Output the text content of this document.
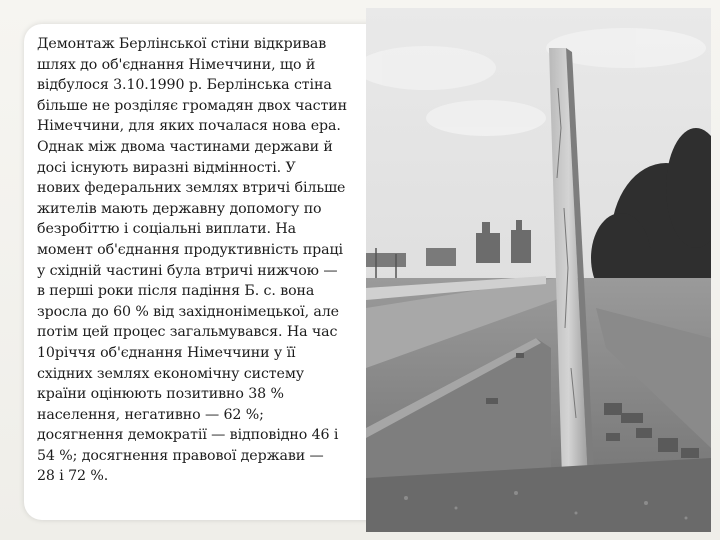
Демонтаж Берлінської стіни відкривав
шлях до об'єднання Німеччини, що й
відбулося 3.10.1990 р. Берлінська стіна
більше не розділяє громадян двох частин
Німеччини, для яких почалася нова ера.
Однак між двома частинами держави й
досі існують виразні відмінності. У
нових федеральних землях втричі більше
жителів мають державну допомогу по
безробіттю і соціальні виплати. На
момент об'єднання продуктивність праці
у східній частині була втричі нижчою —
в перші роки після падіння Б. с. вона
зросла до 60 % від західнонімецької, але
потім цей процес загальмувався. На час
10річчя об'єднання Німеччини у її
східних землях економічну систему
країни оцінюють позитивно 38 %
населення, негативно — 62 %;
досягнення демократії — відповідно 46 і
54 %; досягнення правової держави —
28 і 72 %.
